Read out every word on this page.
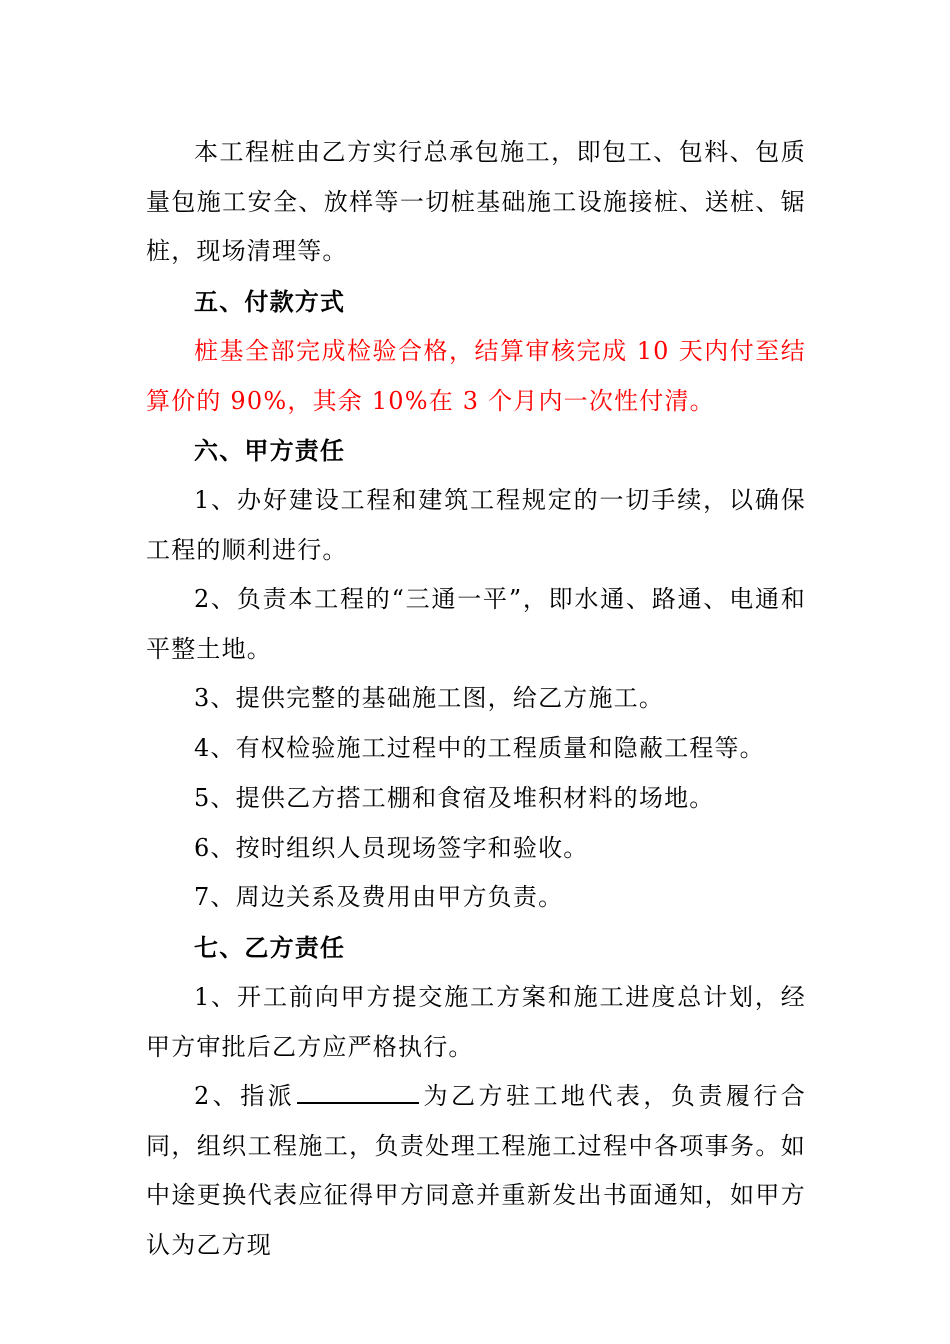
本工程桩由乙方实行总承包施工，即包工、包料、包质量包施工安全、放样等一切桩基础施工设施接桩、送桩、锯桩，现场清理等。

五、付款方式

桩基全部完成检验合格，结算审核完成 10 天内付至结算价的 90%，其余 10%在 3 个月内一次性付清。

六、甲方责任

1、办好建设工程和建筑工程规定的一切手续，以确保工程的顺利进行。

2、负责本工程的“三通一平”，即水通、路通、电通和平整土地。

3、提供完整的基础施工图，给乙方施工。

4、有权检验施工过程中的工程质量和隐蔽工程等。

5、提供乙方搭工棚和食宿及堆积材料的场地。

6、按时组织人员现场签字和验收。

7、周边关系及费用由甲方负责。

七、乙方责任

1、开工前向甲方提交施工方案和施工进度总计划，经甲方审批后乙方应严格执行。

2、指派	为乙方驻工地代表，负责履行合同，组织工程施工，负责处理工程施工过程中各项事务。如中途更换代表应征得甲方同意并重新发出书面通知，如甲方认为乙方现
